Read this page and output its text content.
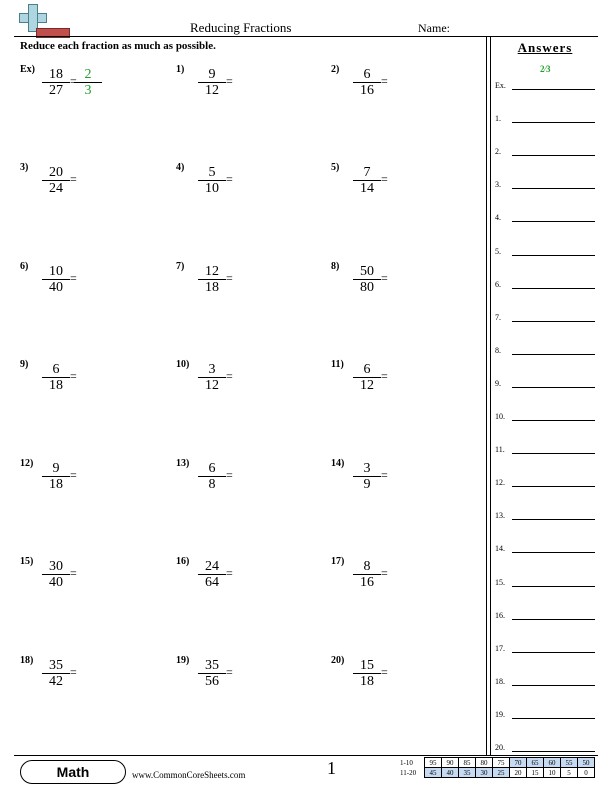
Reducing Fractions	Name:
Reduce each fraction as much as possible.	Answers
2⁄3
Ex.
1.
2.
3.
4.
5.
6.
7.
8.
9.
10.
11.
12.
13.
14.
15.
16.
17.
18.
19.
20.
$Ex) \frac{18}{27}$ =
$\frac{2}{3}$	$1) \frac{9}{12}$ =
$2) \frac{6}{16}$ =
$3) \frac{20}{24}$ =
$4) \frac{5}{10}$ =
$5) \frac{7}{14}$ =
$6) \frac{10}{40}$ =
$7) \frac{12}{18}$ =
$8) \frac{50}{80}$ =
$9) \frac{6}{18}$ =
$10) \frac{3}{12}$ =
$11) \frac{6}{12}$ =
$12) \frac{9}{18}$ =
$13) \frac{6}{8}$ =
$14) \frac{3}{9}$ =
$15) \frac{30}{40}$ =
$16) \frac{24}{64}$ =
$17) \frac{8}{16}$ =
$18) \frac{35}{42}$ =
$19) \frac{35}{56}$ =
$20) \frac{15}{18}$ =
Math	www.CommonCoreSheets.com	1	1-10	95	90	85	80	75	70	65	60	55	50
11-20	45	40	35	30	25	20	15	10	5	0
